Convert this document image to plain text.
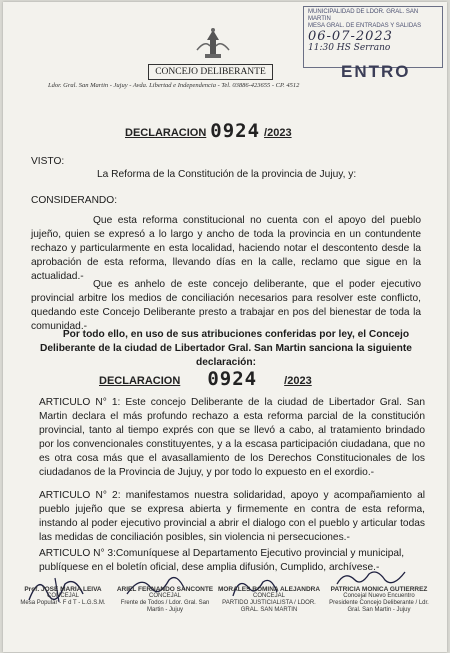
MUNICIPALIDAD DE LDOR. GRAL. SAN MARTIN
MESA GRAL. DE ENTRADAS Y SALIDAS
06-07-2023
11:30 HS Serrano
ENTRO
CONCEJO DELIBERANTE
Ldor. Gral. San Martin - Jujuy - Avda. Libertad e Independencia - Tel. 03886-423655 - CP. 4512
DECLARACION 0924 /2023
VISTO:
La Reforma de la Constitución de la provincia de Jujuy, y:
CONSIDERANDO:
Que esta reforma constitucional no cuenta con el apoyo del pueblo jujeño, quien se expresó a lo largo y ancho de toda la provincia en un contundente rechazo y particularmente en esta localidad, haciendo notar el descontento desde la aprobación de esta reforma, llevando días en la calle, reclamo que sigue en la actualidad.-
Que es anhelo de este concejo deliberante, que el poder ejecutivo provincial arbitre los medios de conciliación necesarios para resolver este conflicto, quedando este Concejo Deliberante presto a trabajar en pos del bienestar de toda la comunidad.-
Por todo ello, en uso de sus atribuciones conferidas por ley, el Concejo Deliberante de la ciudad de Libertador Gral. San Martin sanciona la siguiente declaración:
DECLARACION 0924 /2023
ARTICULO N° 1: Este concejo Deliberante de la ciudad de Libertador Gral. San Martin declara el más profundo rechazo a esta reforma parcial de la constitución provincial, tanto al tiempo exprés con que se llevó a cabo, al tratamiento brindado por los convencionales constituyentes, y a la escasa participación ciudadana, que no es otra cosa más que el avasallamiento de los Derechos Constitucionales de los ciudadanos de la Provincia de Jujuy, y por todo lo expuesto en el exordio.-
ARTICULO N° 2: manifestamos nuestra solidaridad, apoyo y acompañamiento al pueblo jujeño que se expresa abierta y firmemente en contra de esta reforma, instando al poder ejecutivo provincial a abrir el dialogo con el pueblo y articular todas las medidas de conciliación posibles, sin violencia ni persecuciones.-
ARTICULO N° 3:Comuníquese al Departamento Ejecutivo provincial y municipal, publíquese en el boletín oficial, dese amplia difusión, Cumplido, archívese.-
Prof. JOSE MARIA LEIVA
CONCEJAL
Mesa Popular - F d T - L.G.S.M.
ARIEL FERNANDO SANCONTE
CONCEJAL
Frente de Todos / Ldor. Gral. San Martin - Jujuy
MORALES ROMINA ALEJANDRA
CONCEJAL
PARTIDO JUSTICIALISTA / LDOR. GRAL. SAN MARTIN
PATRICIA MONICA GUTIERREZ
Concejal Nuevo Encuentro
Presidente Concejo Deliberante / Ldr. Gral. San Martin - Jujuy
